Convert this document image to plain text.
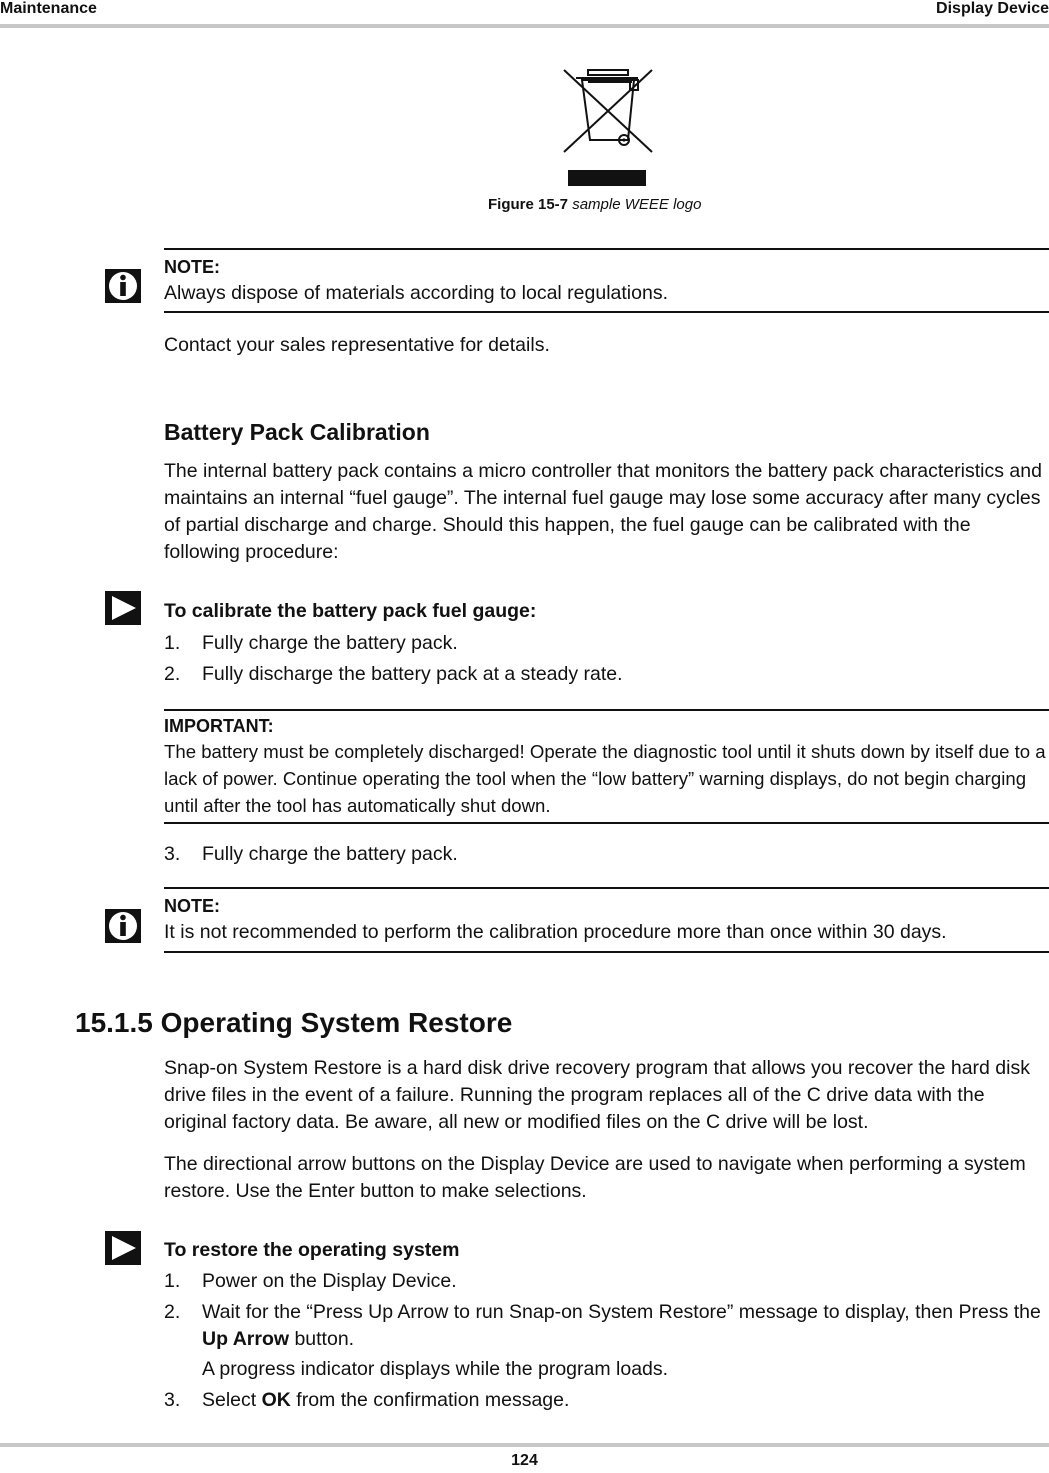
Maintenance	Display Device
Figure 15-7 sample WEEE logo
NOTE:
Always dispose of materials according to local regulations.
Contact your sales representative for details.
Battery Pack Calibration
The internal battery pack contains a micro controller that monitors the battery pack characteristics and maintains an internal “fuel gauge”. The internal fuel gauge may lose some accuracy after many cycles of partial discharge and charge. Should this happen, the fuel gauge can be calibrated with the following procedure:
To calibrate the battery pack fuel gauge:
1. Fully charge the battery pack.
2. Fully discharge the battery pack at a steady rate.
IMPORTANT:
The battery must be completely discharged! Operate the diagnostic tool until it shuts down by itself due to a lack of power. Continue operating the tool when the “low battery” warning displays, do not begin charging until after the tool has automatically shut down.
3. Fully charge the battery pack.
NOTE:
It is not recommended to perform the calibration procedure more than once within 30 days.
15.1.5 Operating System Restore
Snap-on System Restore is a hard disk drive recovery program that allows you recover the hard disk drive files in the event of a failure. Running the program replaces all of the C drive data with the original factory data. Be aware, all new or modified files on the C drive will be lost.
The directional arrow buttons on the Display Device are used to navigate when performing a system restore. Use the Enter button to make selections.
To restore the operating system
1. Power on the Display Device.
2. Wait for the “Press Up Arrow to run Snap-on System Restore” message to display, then Press the Up Arrow button.
A progress indicator displays while the program loads.
3. Select OK from the confirmation message.
124
